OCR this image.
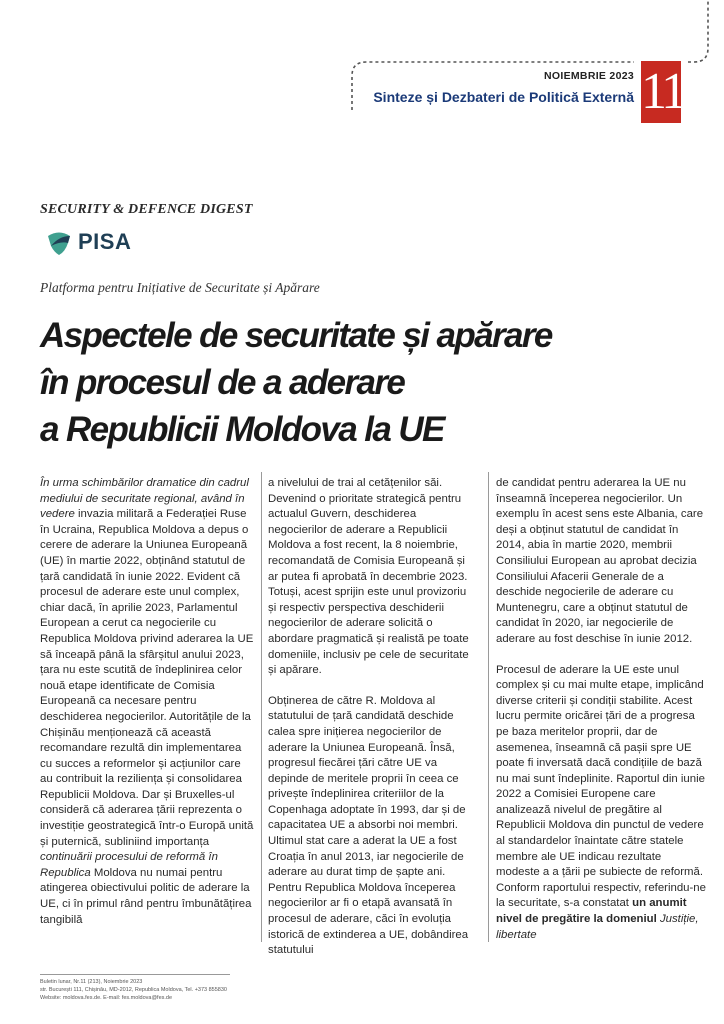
NOIEMBRIE 2023
Sinteze și Dezbateri de Politică Externă 11
SECURITY & DEFENCE DIGEST
PISA
Platforma pentru Inițiative de Securitate și Apărare
Aspectele de securitate și apărare
în procesul de a aderare
a Republicii Moldova la UE

În urma schimbărilor dramatice din cadrul mediului de securitate regional, având în vedere invazia militară a Federației Ruse în Ucraina, Republica Moldova a depus o cerere de aderare la Uniunea Europeană (UE) în martie 2022, obținând statutul de țară candidată în iunie 2022. Evident că procesul de aderare este unul complex, chiar dacă, în aprilie 2023, Parlamentul European a cerut ca negocierile cu Republica Moldova privind aderarea la UE să înceapă până la sfârșitul anului 2023, țara nu este scutită de îndeplinirea celor nouă etape identificate de Comisia Europeană ca necesare pentru deschiderea negocierilor. Autoritățile de la Chișinău menționează că această recomandare rezultă din implementarea cu succes a reformelor și acțiunilor care au contribuit la reziliența și consolidarea Republicii Moldova. Dar și Bruxelles-ul consideră că aderarea țării reprezenta o investiție geostrategică într-o Europă unită și puternică, subliniind importanța continuării procesului de reformă în Republica Moldova nu numai pentru atingerea obiectivului politic de aderare la UE, ci în primul rând pentru îmbunătățirea tangibilă

a nivelului de trai al cetățenilor săi. Devenind o prioritate strategică pentru actualul Guvern, deschiderea negocierilor de aderare a Republicii Moldova a fost recent, la 8 noiembrie, recomandată de Comisia Europeană și ar putea fi aprobată în decembrie 2023. Totuși, acest sprijin este unul provizoriu și respectiv perspectiva deschiderii negocierilor de aderare solicită o abordare pragmatică și realistă pe toate domeniile, inclusiv pe cele de securitate și apărare.

Obținerea de către R. Moldova al statutului de țară candidată deschide calea spre inițierea negocierilor de aderare la Uniunea Europeană. Însă, progresul fiecărei țări către UE va depinde de meritele proprii în ceea ce privește îndeplinirea criteriilor de la Copenhaga adoptate în 1993, dar și de capacitatea UE a absorbi noi membri. Ultimul stat care a aderat la UE a fost Croația în anul 2013, iar negocierile de aderare au durat timp de șapte ani. Pentru Republica Moldova începerea negocierilor ar fi o etapă avansată în procesul de aderare, căci în evoluția istorică de extinderea a UE, dobândirea statutului

de candidat pentru aderarea la UE nu înseamnă începerea negocierilor. Un exemplu în acest sens este Albania, care deși a obținut statutul de candidat în 2014, abia în martie 2020, membrii Consiliului European au aprobat decizia Consiliului Afacerii Generale de a deschide negocierile de aderare cu Muntenegru, care a obținut statutul de candidat în 2020, iar negocierile de aderare au fost deschise în iunie 2012.

Procesul de aderare la UE este unul complex și cu mai multe etape, implicând diverse criterii și condiții stabilite. Acest lucru permite oricărei țări de a progresa pe baza meritelor proprii, dar de asemenea, înseamnă că pașii spre UE poate fi inversată dacă condițiile de bază nu mai sunt îndeplinite. Raportul din iunie 2022 a Comisiei Europene care analizează nivelul de pregătire al Republicii Moldova din punctul de vedere al standardelor înaintate către statele membre ale UE indicau rezultate modeste a a țării pe subiecte de reformă. Conform raportului respectiv, referindu-ne la securitate, s-a constatat un anumit nivel de pregătire la domeniul Justiție, libertate

Buletin lunar, Nr.11 (213), Noiembrie 2023
str. București 111, Chișinău, MD-2012, Republica Moldova, Tel. +373 855830
Website: moldova.fes.de. E-mail: fes.moldova@fes.de
